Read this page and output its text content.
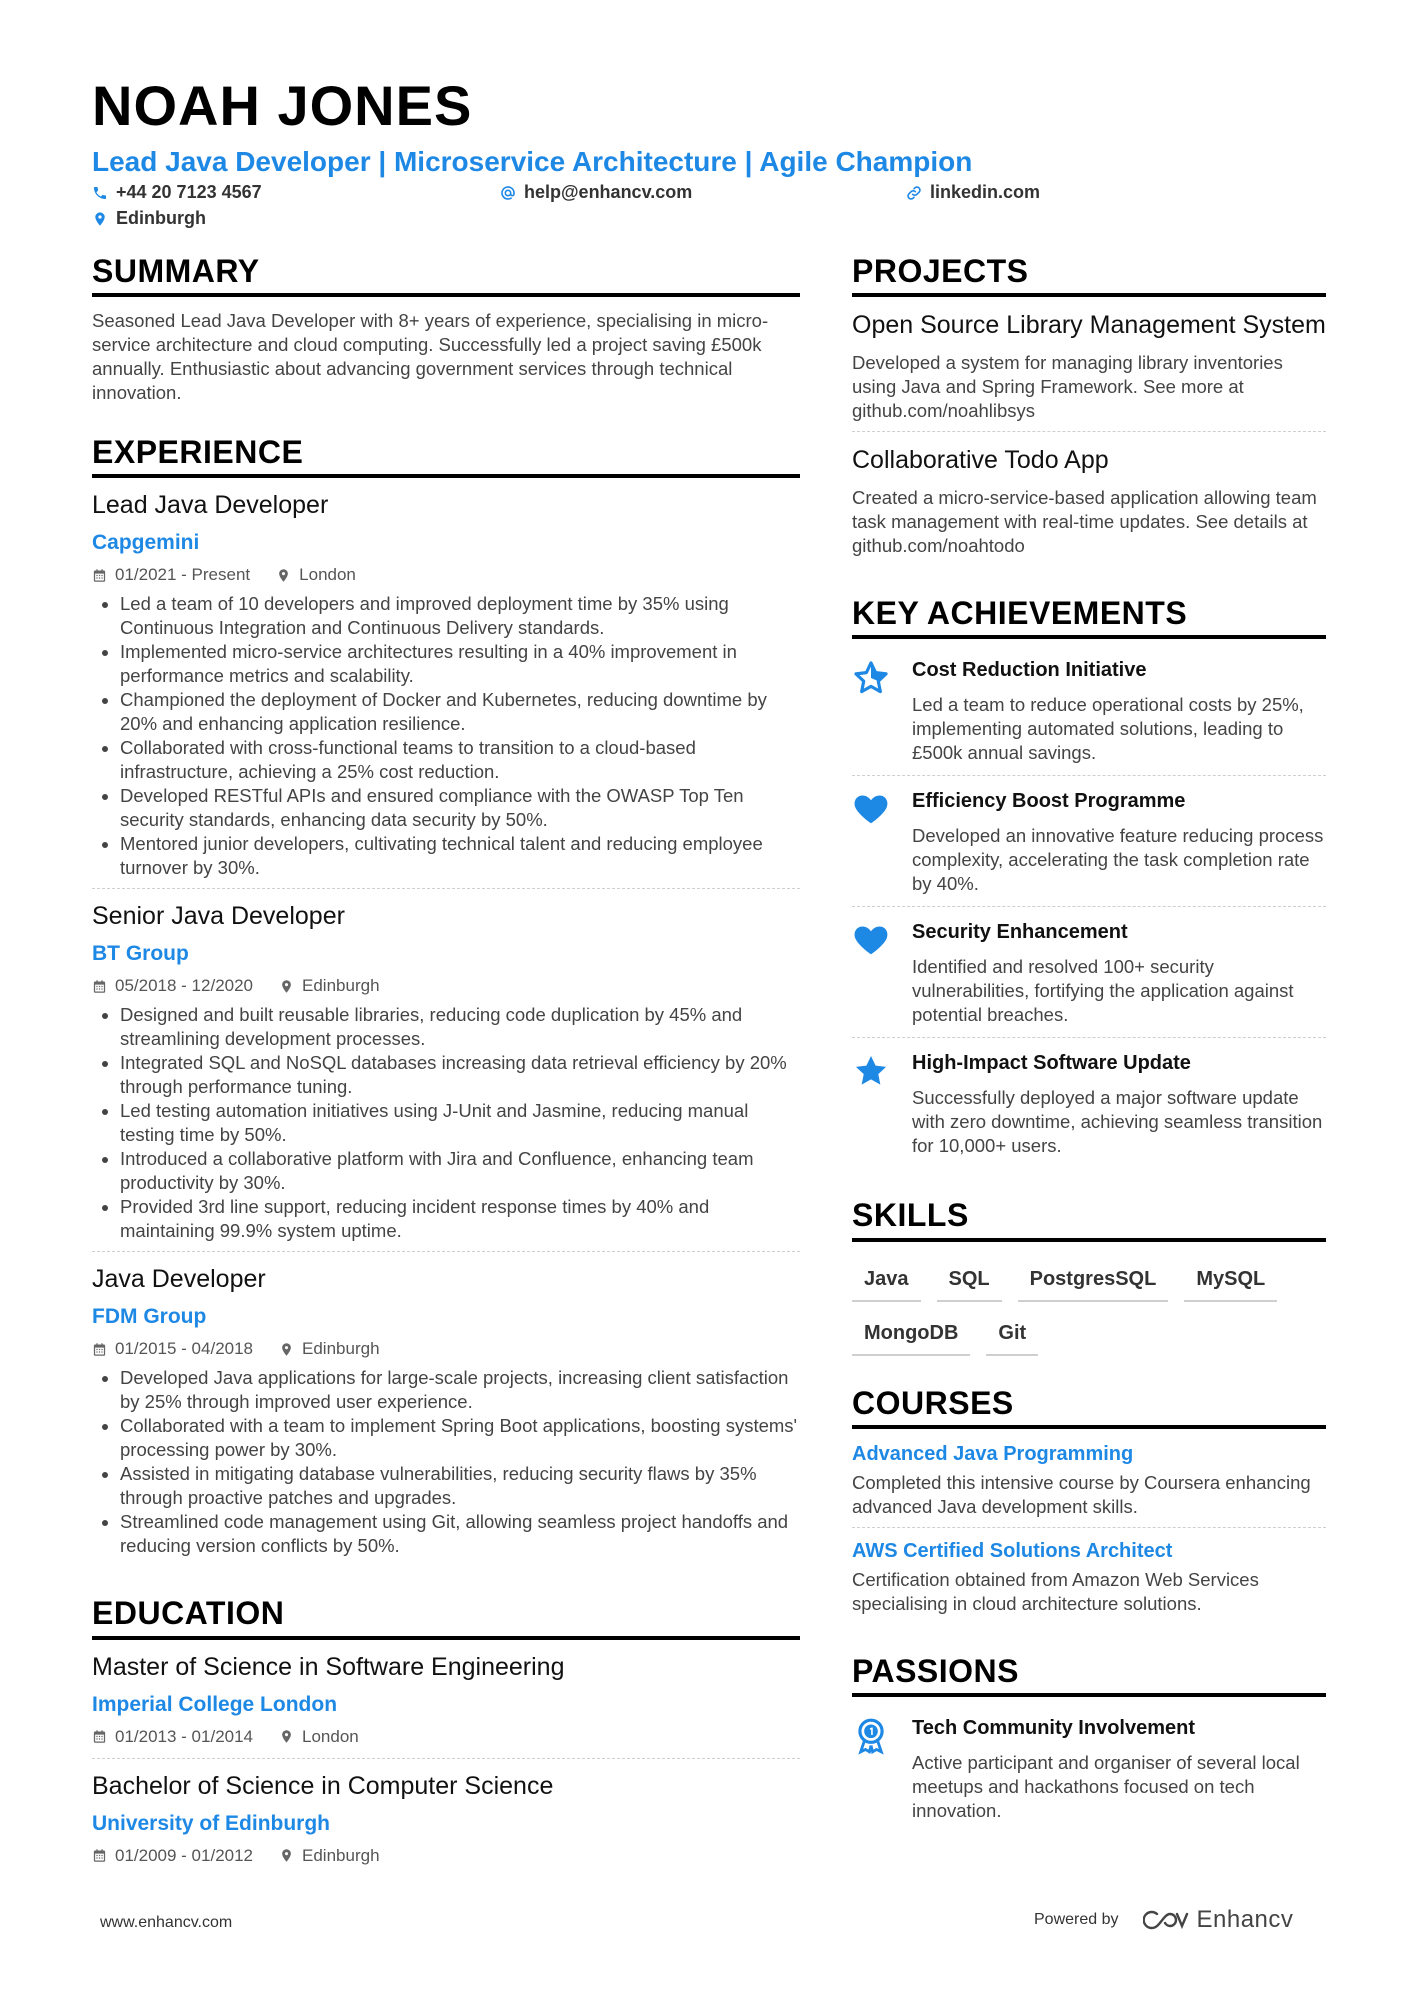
NOAH JONES
Lead Java Developer | Microservice Architecture | Agile Champion
+44 20 7123 4567	help@enhancv.com	linkedin.com
Edinburgh
SUMMARY

Seasoned Lead Java Developer with 8+ years of experience, specialising in micro-service architecture and cloud computing. Successfully led a project saving £500k annually. Enthusiastic about advancing government services through technical innovation.

EXPERIENCE
Lead Java Developer
Capgemini
01/2021 - Present	London
• Led a team of 10 developers and improved deployment time by 35% using Continuous Integration and Continuous Delivery standards.
• Implemented micro-service architectures resulting in a 40% improvement in performance metrics and scalability.
• Championed the deployment of Docker and Kubernetes, reducing downtime by 20% and enhancing application resilience.
• Collaborated with cross-functional teams to transition to a cloud-based infrastructure, achieving a 25% cost reduction.
• Developed RESTful APIs and ensured compliance with the OWASP Top Ten security standards, enhancing data security by 50%.
• Mentored junior developers, cultivating technical talent and reducing employee turnover by 30%.
Senior Java Developer
BT Group
05/2018 - 12/2020	Edinburgh
• Designed and built reusable libraries, reducing code duplication by 45% and streamlining development processes.
• Integrated SQL and NoSQL databases increasing data retrieval efficiency by 20% through performance tuning.
• Led testing automation initiatives using J-Unit and Jasmine, reducing manual testing time by 50%.
• Introduced a collaborative platform with Jira and Confluence, enhancing team productivity by 30%.
• Provided 3rd line support, reducing incident response times by 40% and maintaining 99.9% system uptime.
Java Developer
FDM Group
01/2015 - 04/2018	Edinburgh
• Developed Java applications for large-scale projects, increasing client satisfaction by 25% through improved user experience.
• Collaborated with a team to implement Spring Boot applications, boosting systems' processing power by 30%.
• Assisted in mitigating database vulnerabilities, reducing security flaws by 35% through proactive patches and upgrades.
• Streamlined code management using Git, allowing seamless project handoffs and reducing version conflicts by 50%.
EDUCATION
Master of Science in Software Engineering
Imperial College London
01/2013 - 01/2014	London
Bachelor of Science in Computer Science
University of Edinburgh
01/2009 - 01/2012	Edinburgh
PROJECTS
Open Source Library Management System
Developed a system for managing library inventories using Java and Spring Framework. See more at github.com/noahlibsys
Collaborative Todo App
Created a micro-service-based application allowing team task management with real-time updates. See details at github.com/noahtodo
KEY ACHIEVEMENTS
Cost Reduction Initiative
Led a team to reduce operational costs by 25%, implementing automated solutions, leading to £500k annual savings.
Efficiency Boost Programme
Developed an innovative feature reducing process complexity, accelerating the task completion rate by 40%.
Security Enhancement
Identified and resolved 100+ security vulnerabilities, fortifying the application against potential breaches.
High-Impact Software Update
Successfully deployed a major software update with zero downtime, achieving seamless transition for 10,000+ users.
SKILLS
Java	SQL	PostgresSQL	MySQL
MongoDB	Git
COURSES
Advanced Java Programming
Completed this intensive course by Coursera enhancing advanced Java development skills.
AWS Certified Solutions Architect
Certification obtained from Amazon Web Services specialising in cloud architecture solutions.
PASSIONS
Tech Community Involvement
Active participant and organiser of several local meetups and hackathons focused on tech innovation.
www.enhancv.com	Powered by	Enhancv
